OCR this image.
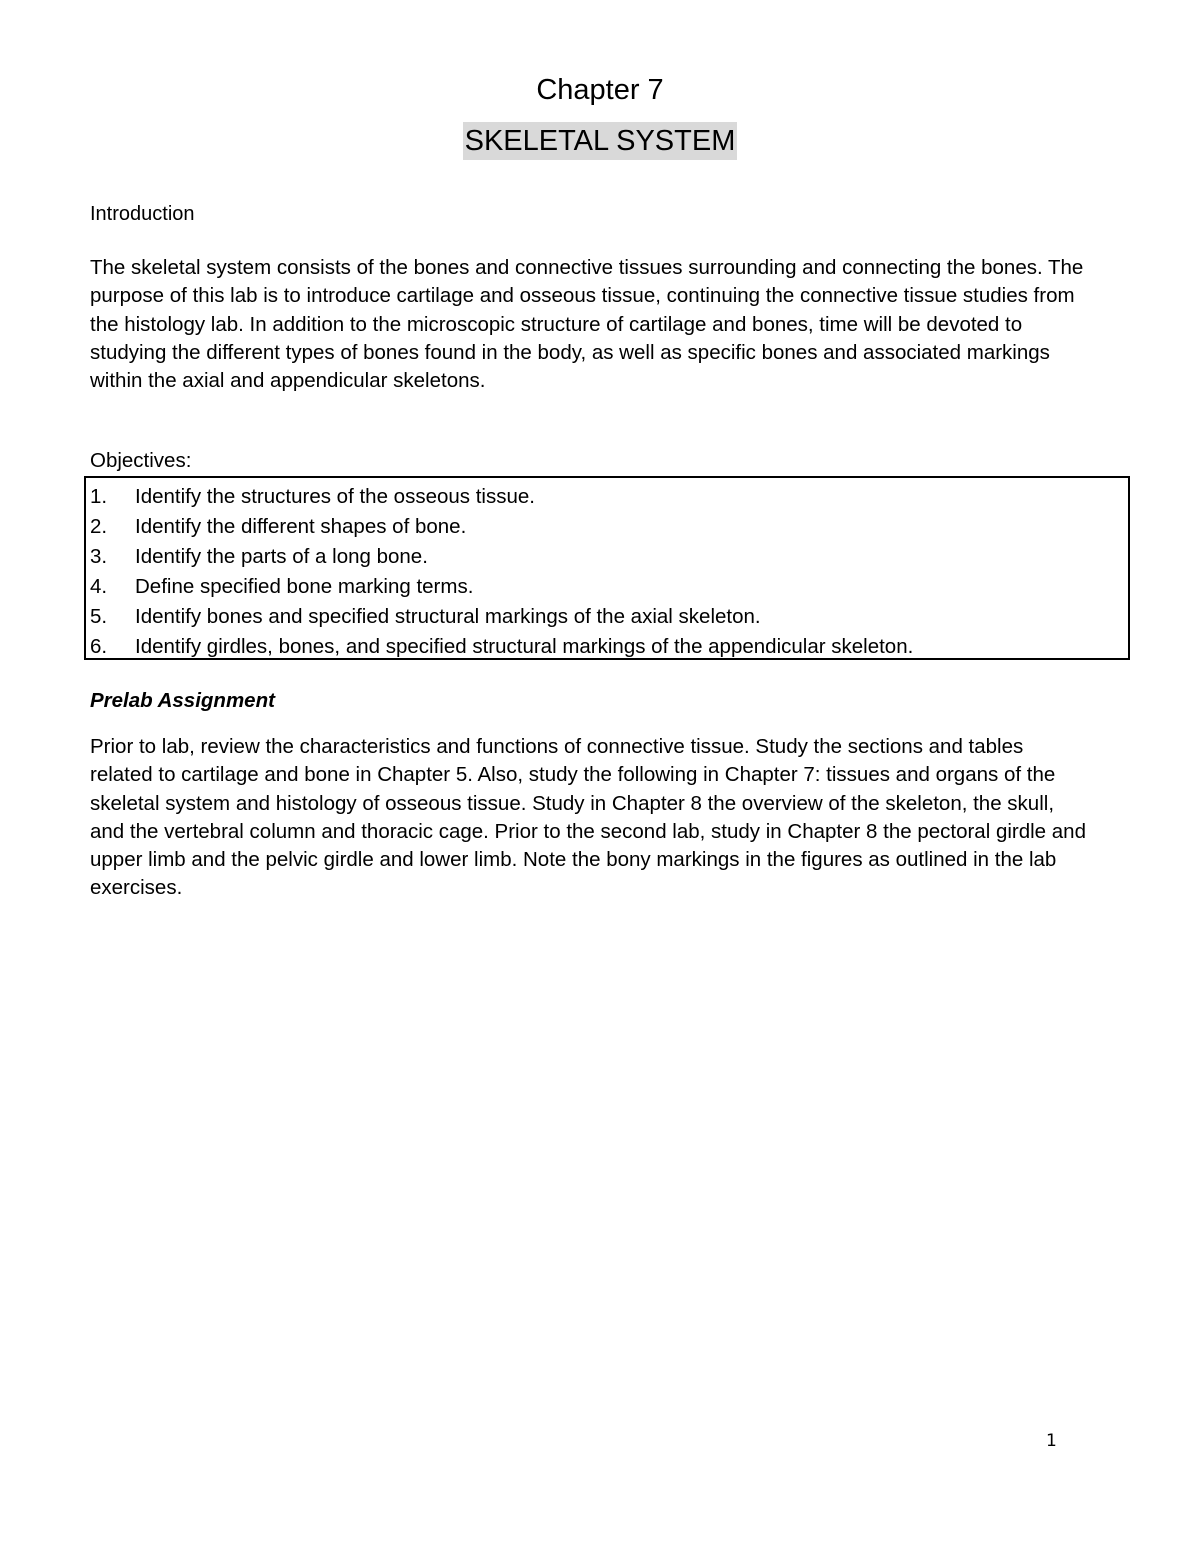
Chapter 7
SKELETAL SYSTEM
Introduction

The skeletal system consists of the bones and connective tissues surrounding and connecting the bones. The purpose of this lab is to introduce cartilage and osseous tissue, continuing the connective tissue studies from the histology lab. In addition to the microscopic structure of cartilage and bones, time will be devoted to studying the different types of bones found in the body, as well as specific bones and associated markings within the axial and appendicular skeletons.

Objectives:
1.	Identify the structures of the osseous tissue.
2.	Identify the different shapes of bone.
3.	Identify the parts of a long bone.
4.	Define specified bone marking terms.
5.	Identify bones and specified structural markings of the axial skeleton.
6.	Identify girdles, bones, and specified structural markings of the appendicular skeleton.
Prelab Assignment

Prior to lab, review the characteristics and functions of connective tissue. Study the sections and tables related to cartilage and bone in Chapter 5. Also, study the following in Chapter 7: tissues and organs of the skeletal system and histology of osseous tissue. Study in Chapter 8 the overview of the skeleton, the skull, and the vertebral column and thoracic cage. Prior to the second lab, study in Chapter 8 the pectoral girdle and upper limb and the pelvic girdle and lower limb. Note the bony markings in the figures as outlined in the lab exercises.

1
